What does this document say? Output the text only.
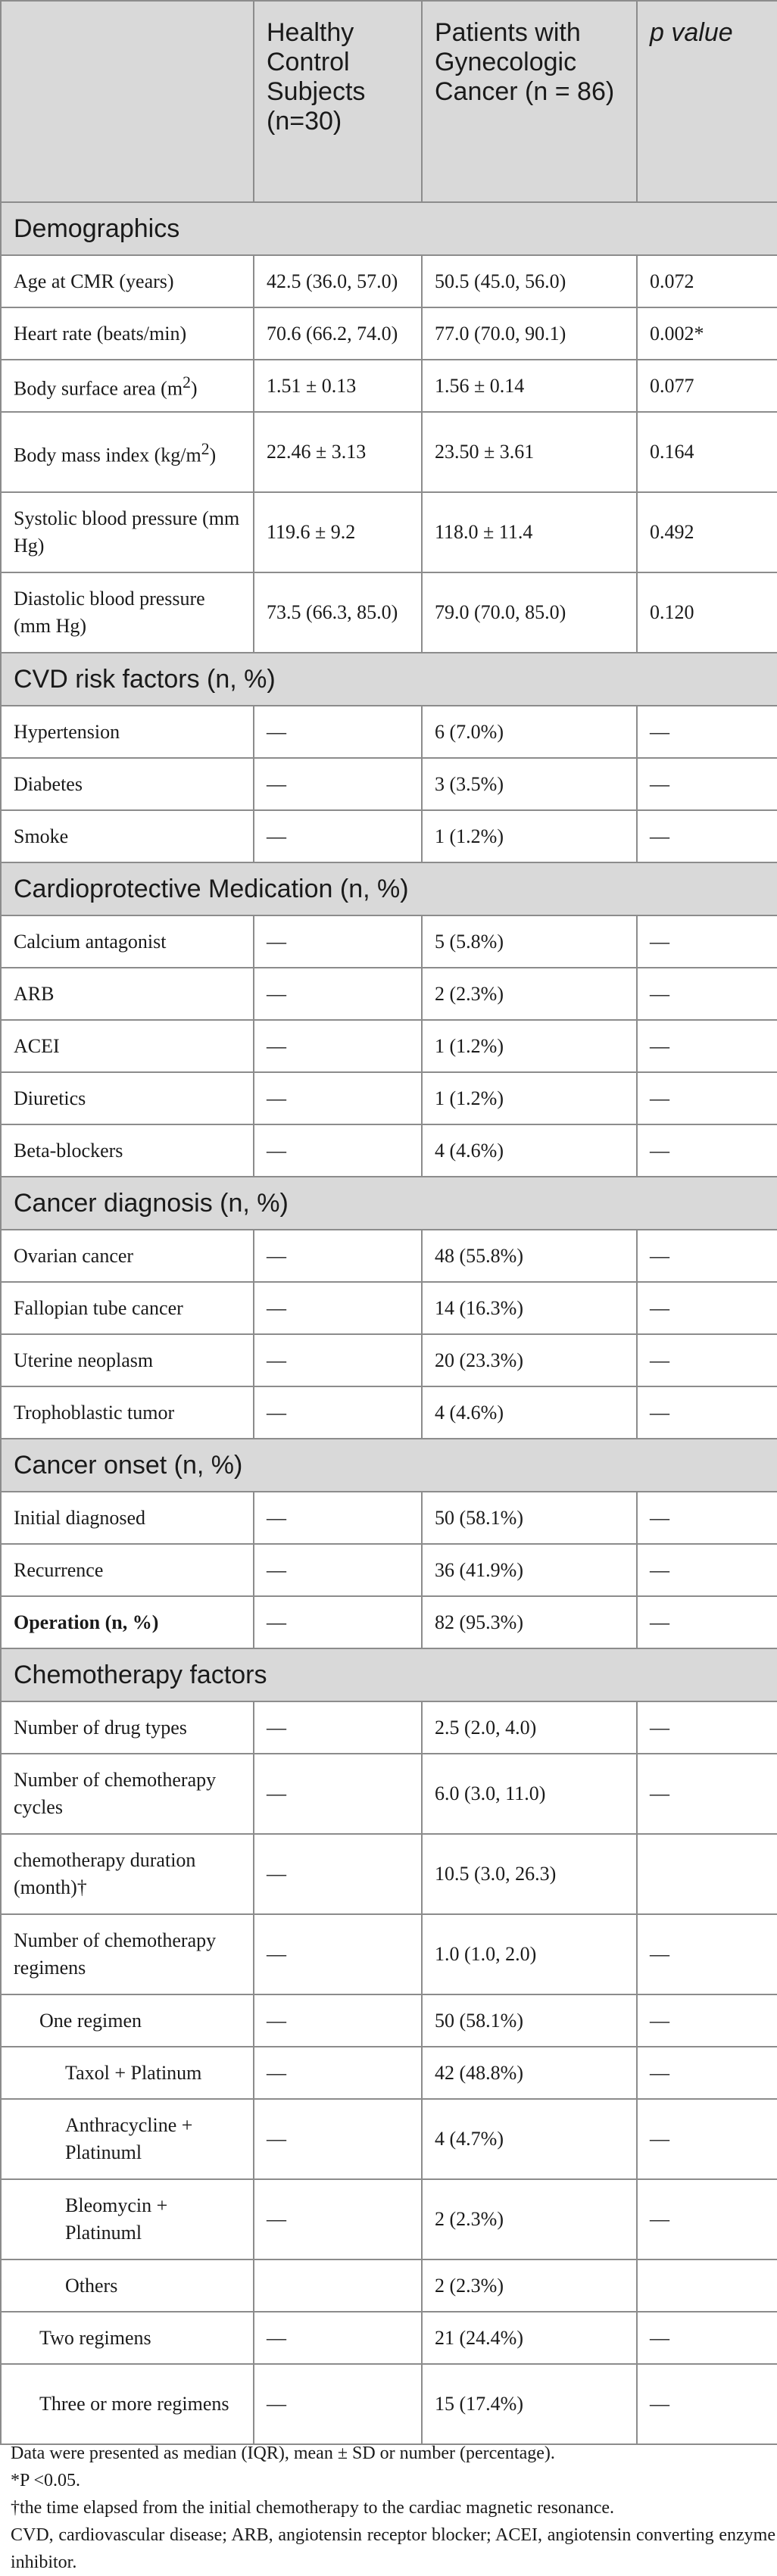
	Healthy Control Subjects (n=30)	Patients with Gynecologic Cancer (n = 86)	p value
Demographics			
Age at CMR (years)	42.5 (36.0, 57.0)	50.5 (45.0, 56.0)	0.072
Heart rate (beats/min)	70.6 (66.2, 74.0)	77.0 (70.0, 90.1)	0.002*
Body surface area $(m^2)$	1.51 ± 0.13	1.56 ± 0.14	0.077
Body mass index $(kg/m^2)$	22.46 ± 3.13	23.50 ± 3.61	0.164
Systolic blood pressure (mm Hg)	119.6 ± 9.2	118.0 ± 11.4	0.492
Diastolic blood pressure (mm Hg)	73.5 (66.3, 85.0)	79.0 (70.0, 85.0)	0.120
CVD risk factors (n, %)			
Hypertension	—	6 (7.0%)	—
Diabetes	—	3 (3.5%)	—
Smoke	—	1 (1.2%)	—
Cardioprotective Medication (n, %)			
Calcium antagonist	—	5 (5.8%)	—
ARB	—	2 (2.3%)	—
ACEI	—	1 (1.2%)	—
Diuretics	—	1 (1.2%)	—
Beta-blockers	—	4 (4.6%)	—
Cancer diagnosis (n, %)			
Ovarian cancer	—	48 (55.8%)	—
Fallopian tube cancer	—	14 (16.3%)	—
Uterine neoplasm	—	20 (23.3%)	—
Trophoblastic tumor	—	4 (4.6%)	—
Cancer onset (n, %)			
Initial diagnosed	—	50 (58.1%)	—
Recurrence	—	36 (41.9%)	—
Operation (n, %)	—	82 (95.3%)	—
Chemotherapy factors			
Number of drug types	—	2.5 (2.0, 4.0)	—
Number of chemotherapy cycles	—	6.0 (3.0, 11.0)	—
chemotherapy duration (month)†	—	10.5 (3.0, 26.3)	
Number of chemotherapy regimens	—	1.0 (1.0, 2.0)	—
One regimen	—	50 (58.1%)	—
Taxol + Platinum	—	42 (48.8%)	—
Anthracycline + Platinuml	—	4 (4.7%)	—
Bleomycin + Platinuml	—	2 (2.3%)	—
Others		2 (2.3%)	
Two regimens	—	21 (24.4%)	—
Three or more regimens	—	15 (17.4%)	—

Data were presented as median (IQR), mean ± SD or number (percentage).

*P <0.05.

†the time elapsed from the initial chemotherapy to the cardiac magnetic resonance.

CVD, cardiovascular disease; ARB, angiotensin receptor blocker; ACEI, angiotensin converting enzyme inhibitor.
